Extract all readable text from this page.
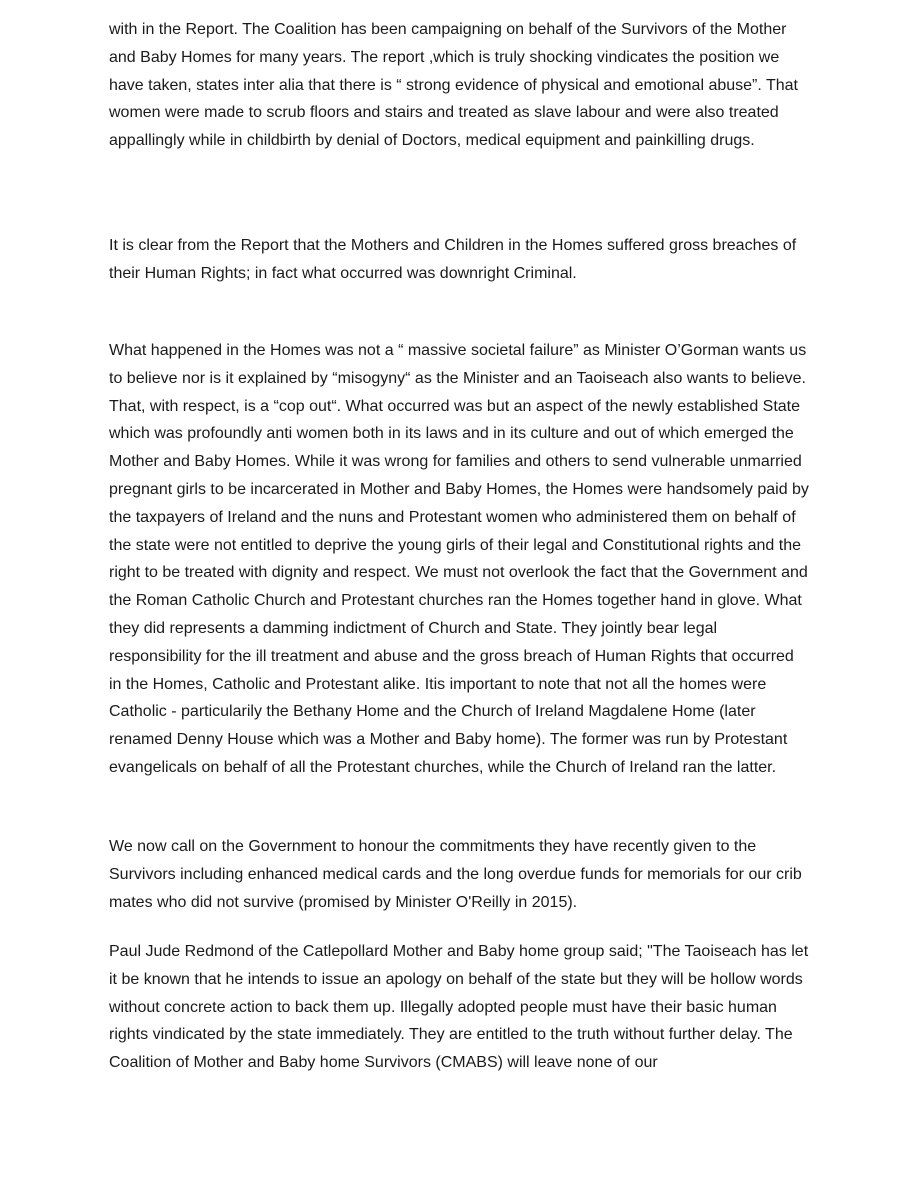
with in the Report. The Coalition has been campaigning on behalf of the Survivors of the Mother and Baby Homes for many years. The report ,which is truly shocking vindicates the position we have taken, states inter alia that there is “ strong evidence of physical and emotional abuse”. That women were made to scrub floors and stairs and treated as slave labour and were also treated appallingly while in childbirth by denial of Doctors, medical equipment and painkilling drugs.

It is clear from the Report that the Mothers and Children in the Homes suffered gross breaches of their Human Rights; in fact what occurred was downright Criminal.

What happened in the Homes was not a “ massive societal failure” as Minister O’Gorman wants us to believe nor is it explained by “misogyny“ as the Minister and an Taoiseach also wants to believe. That, with respect, is a “cop out“. What occurred was but an aspect of the newly established State which was profoundly anti women both in its laws and in its culture and out of which emerged the Mother and Baby Homes. While it was wrong for families and others to send vulnerable unmarried pregnant girls to be incarcerated in Mother and Baby Homes, the Homes were handsomely paid by the taxpayers of Ireland and the nuns and Protestant women who administered them on behalf of the state were not entitled to deprive the young girls of their legal and Constitutional rights and the right to be treated with dignity and respect. We must not overlook the fact that the Government and the Roman Catholic Church and Protestant churches ran the Homes together hand in glove. What they did represents a damming indictment of Church and State. They jointly bear legal responsibility for the ill treatment and abuse and the gross breach of Human Rights that occurred in the Homes, Catholic and Protestant alike. Itis important to note that not all the homes were Catholic - particularily the Bethany Home and the Church of Ireland Magdalene Home (later renamed Denny House which was a Mother and Baby home). The former was run by Protestant evangelicals on behalf of all the Protestant churches, while the Church of Ireland ran the latter.

We now call on the Government to honour the commitments they have recently given to the Survivors including enhanced medical cards and the long overdue funds for memorials for our crib mates who did not survive (promised by Minister O'Reilly in 2015).

Paul Jude Redmond of the Catlepollard Mother and Baby home group said; "The Taoiseach has let it be known that he intends to issue an apology on behalf of the state but they will be hollow words without concrete action to back them up. Illegally adopted people must have their basic human rights vindicated by the state immediately. They are entitled to the truth without further delay. The Coalition of Mother and Baby home Survivors (CMABS) will leave none of our
